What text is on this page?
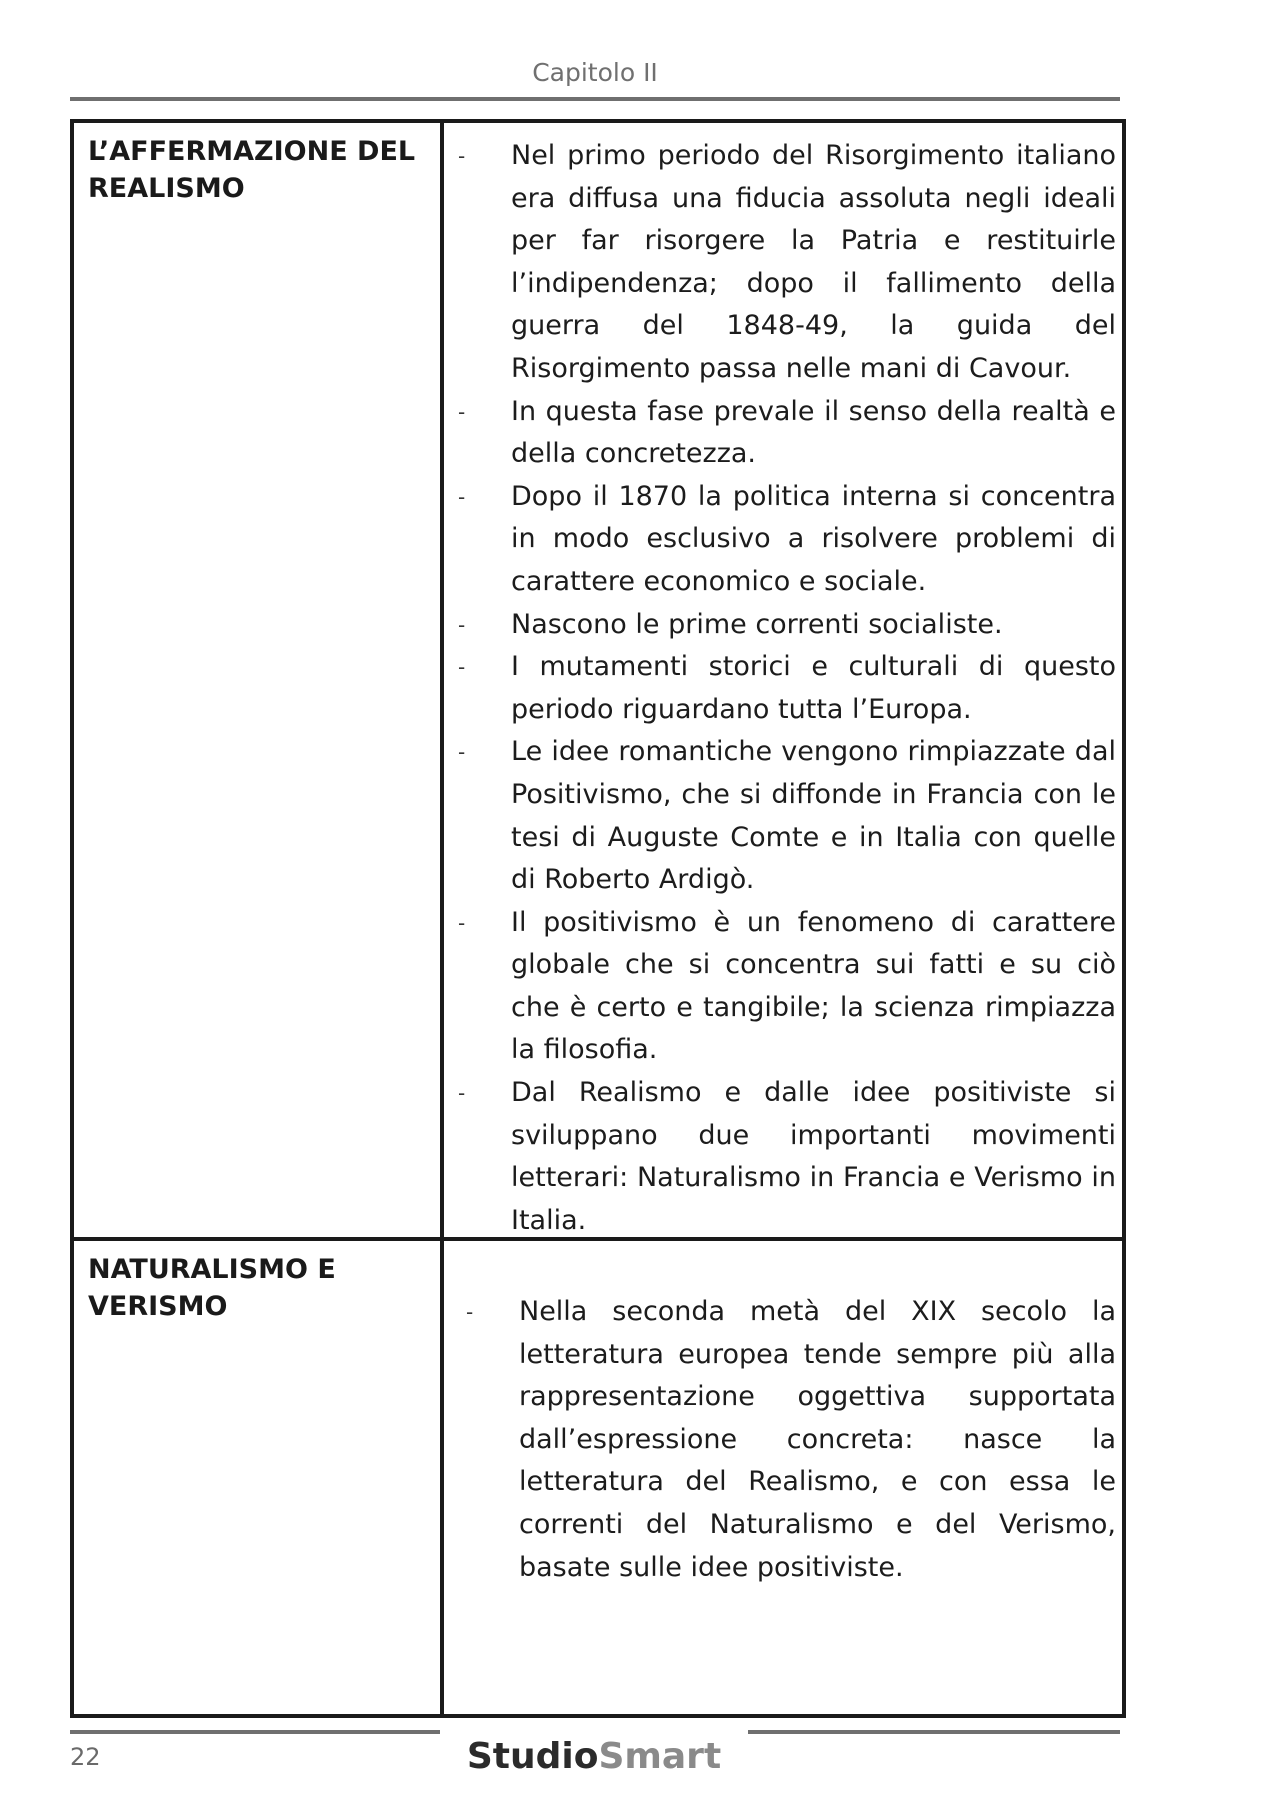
Capitolo II
L’AFFERMAZIONE DEL
REALISMO
- Nel primo periodo del Risorgimento italiano era diffusa una fiducia assoluta negli ideali per far risorgere la Patria e restituirle l’indipendenza; dopo il fallimento della guerra del 1848-49, la guida del Risorgimento passa nelle mani di Cavour.
- In questa fase prevale il senso della realtà e della concretezza.
- Dopo il 1870 la politica interna si concentra in modo esclusivo a risolvere problemi di carattere economico e sociale.
- Nascono le prime correnti socialiste.
- I mutamenti storici e culturali di questo periodo riguardano tutta l’Europa.
- Le idee romantiche vengono rimpiazzate dal Positivismo, che si diffonde in Francia con le tesi di Auguste Comte e in Italia con quelle di Roberto Ardigò.
- Il positivismo è un fenomeno di carattere globale che si concentra sui fatti e su ciò che è certo e tangibile; la scienza rimpiazza la filosofia.
- Dal Realismo e dalle idee positiviste si sviluppano due importanti movimenti letterari: Naturalismo in Francia e Verismo in Italia.
NATURALISMO E
VERISMO	- Nella seconda metà del XIX secolo la letteratura europea tende sempre più alla rappresentazione oggettiva supportata dall’espressione concreta: nasce la letteratura del Realismo, e con essa le correnti del Naturalismo e del Verismo, basate sulle idee positiviste.
22	StudioSmart
